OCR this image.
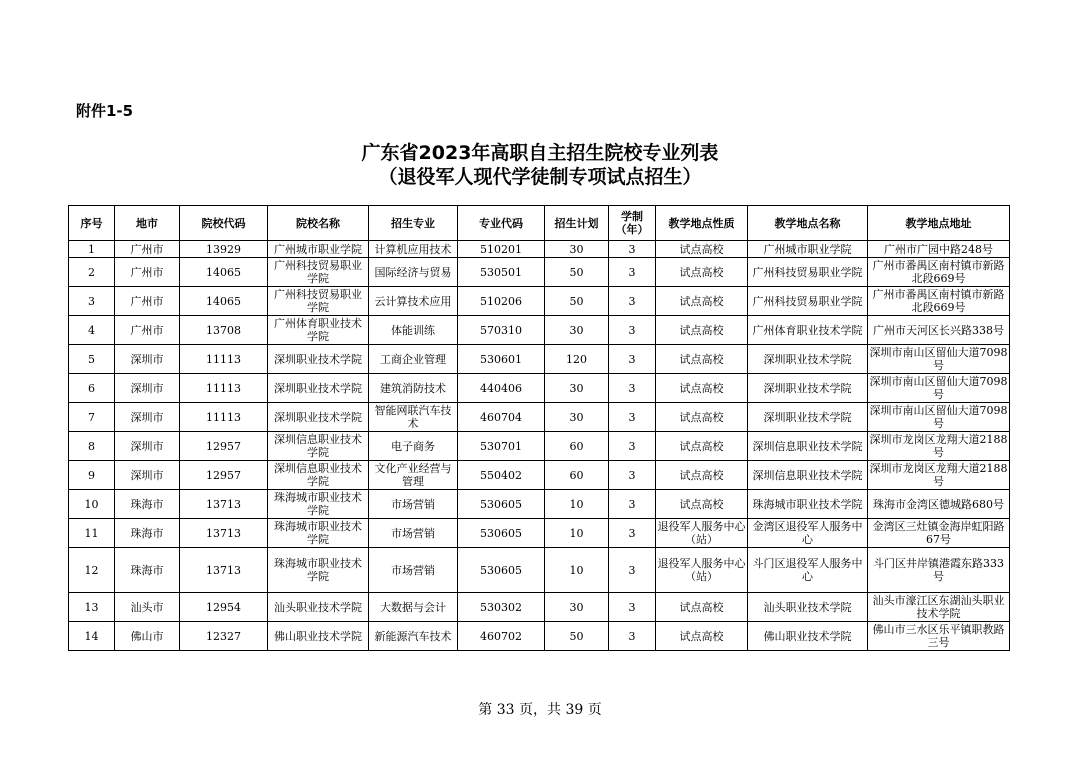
附件1-5
广东省2023年高职自主招生院校专业列表
（退役军人现代学徒制专项试点招生）
序号	地市	院校代码	院校名称	招生专业	专业代码	招生计划	学制（年）	教学地点性质	教学地点名称	教学地点地址
1	广州市	13929	广州城市职业学院	计算机应用技术	510201	30	3	试点高校	广州城市职业学院	广州市广园中路248号
2	广州市	14065	广州科技贸易职业学院	国际经济与贸易	530501	50	3	试点高校	广州科技贸易职业学院	广州市番禺区南村镇市新路北段669号
3	广州市	14065	广州科技贸易职业学院	云计算技术应用	510206	50	3	试点高校	广州科技贸易职业学院	广州市番禺区南村镇市新路北段669号
4	广州市	13708	广州体育职业技术学院	体能训练	570310	30	3	试点高校	广州体育职业技术学院	广州市天河区长兴路338号
5	深圳市	11113	深圳职业技术学院	工商企业管理	530601	120	3	试点高校	深圳职业技术学院	深圳市南山区留仙大道7098号
6	深圳市	11113	深圳职业技术学院	建筑消防技术	440406	30	3	试点高校	深圳职业技术学院	深圳市南山区留仙大道7098号
7	深圳市	11113	深圳职业技术学院	智能网联汽车技术	460704	30	3	试点高校	深圳职业技术学院	深圳市南山区留仙大道7098号
8	深圳市	12957	深圳信息职业技术学院	电子商务	530701	60	3	试点高校	深圳信息职业技术学院	深圳市龙岗区龙翔大道2188号
9	深圳市	12957	深圳信息职业技术学院	文化产业经营与管理	550402	60	3	试点高校	深圳信息职业技术学院	深圳市龙岗区龙翔大道2188号
10	珠海市	13713	珠海城市职业技术学院	市场营销	530605	10	3	试点高校	珠海城市职业技术学院	珠海市金湾区德城路680号
11	珠海市	13713	珠海城市职业技术学院	市场营销	530605	10	3	退役军人服务中心（站）	金湾区退役军人服务中心	金湾区三灶镇金海岸虹阳路67号
12	珠海市	13713	珠海城市职业技术学院	市场营销	530605	10	3	退役军人服务中心（站）	斗门区退役军人服务中心	斗门区井岸镇港霞东路333号
13	汕头市	12954	汕头职业技术学院	大数据与会计	530302	30	3	试点高校	汕头职业技术学院	汕头市濠江区东湖汕头职业技术学院
14	佛山市	12327	佛山职业技术学院	新能源汽车技术	460702	50	3	试点高校	佛山职业技术学院	佛山市三水区乐平镇职教路三号
第 33 页，共 39 页
